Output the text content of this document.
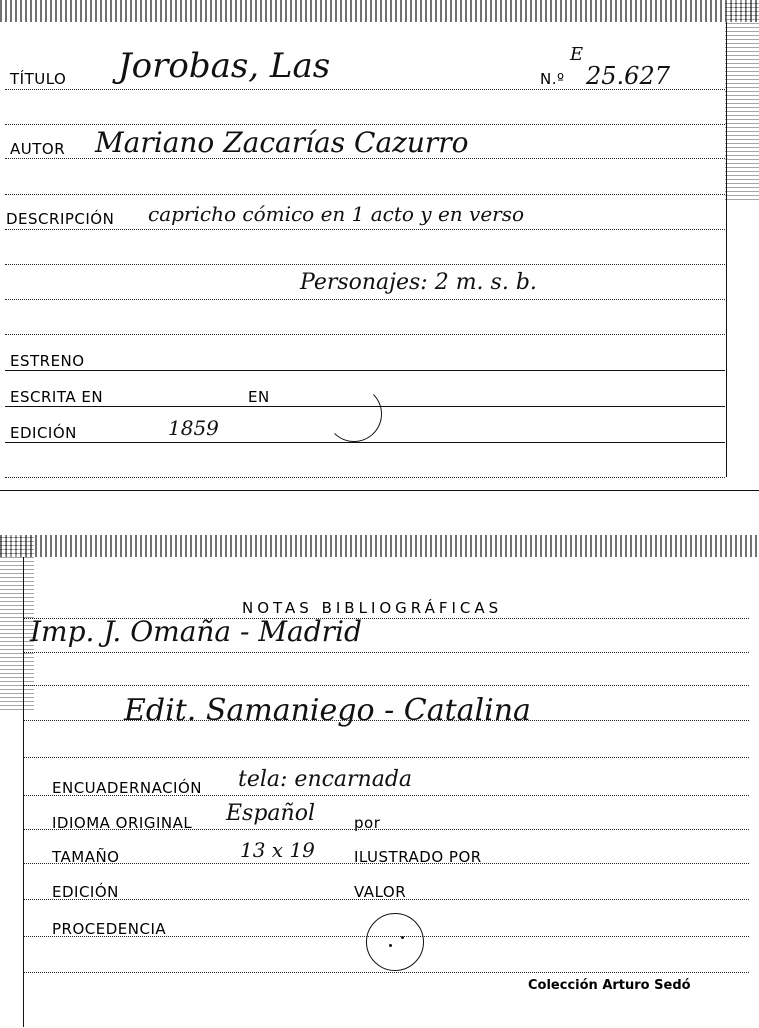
TÍTULO Jorobas, Las	N.º
E
25.627
AUTOR Mariano Zacarías Cazurro
DESCRIPCIÓN capricho cómico en 1 acto y en verso
Personajes: 2 m. s. b.
ESTRENO
ESCRITA EN	EN
EDICIÓN	1859
NOTAS BIBLIOGRÁFICAS
Imp. J. Omaña - Madrid
Edit. Samaniego - Catalina
ENCUADERNACIÓN tela: encarnada
IDIOMA ORIGINAL Español	por
TAMAÑO	13 x 19	ILUSTRADO POR
EDICIÓN	VALOR
PROCEDENCIA
Colección Arturo Sedó
